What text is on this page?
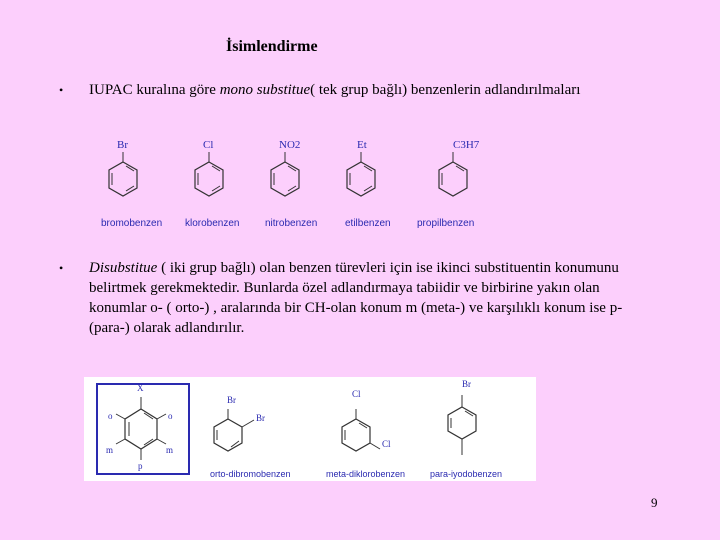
İsimlendirme
• IUPAC kuralına göre mono substitue( tek grup bağlı) benzenlerin adlandırılmaları
Br
bromobenzen
Cl
klorobenzen
NO2
nitrobenzen
Et
etilbenzen
C3H7
propilbenzen
• Disubstitue ( iki grup bağlı) olan benzen türevleri için ise ikinci substituentin konumunu belirtmek gerekmektedir. Bunlarda özel adlandırmaya tabiidir ve birbirine yakın olan konumlar o- ( orto-) , aralarında bir CH-olan konum m (meta-) ve karşılıklı konum ise p-(para-) olarak adlandırılır.
X
o	o
m	m
p
Br
Br
orto-dibromobenzen
Cl
Cl
meta-diklorobenzen
Br
para-iyodobenzen
9
